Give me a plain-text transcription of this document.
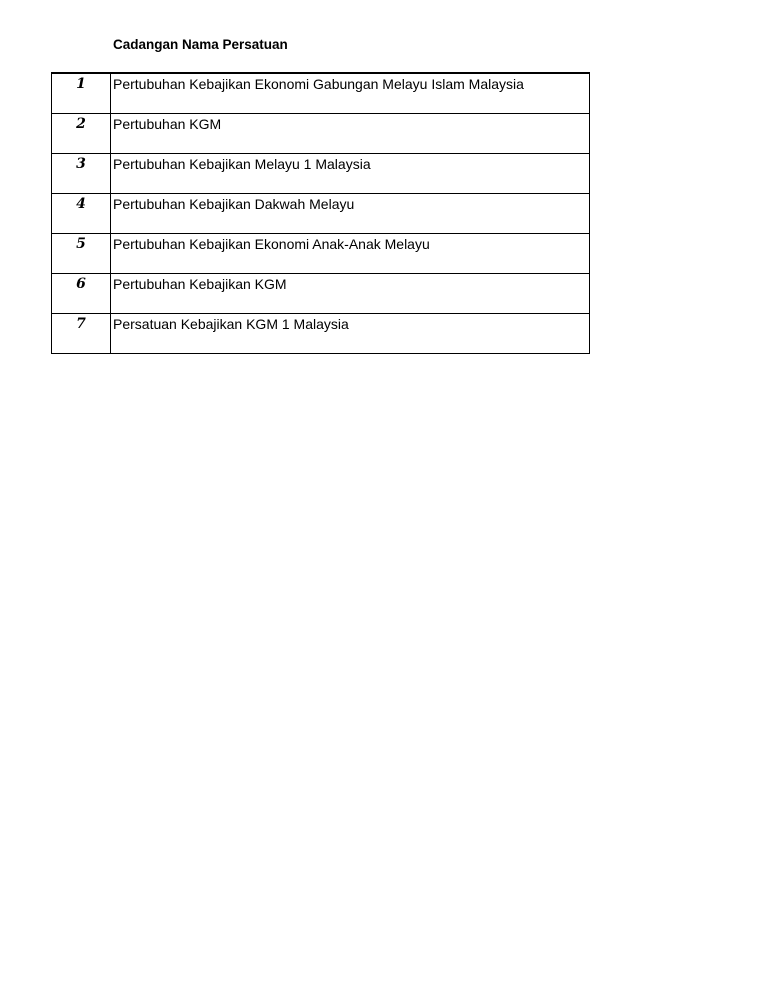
Cadangan Nama Persatuan
1	Pertubuhan Kebajikan Ekonomi Gabungan Melayu Islam Malaysia
2	Pertubuhan KGM
3	Pertubuhan Kebajikan Melayu 1 Malaysia
4	Pertubuhan Kebajikan Dakwah Melayu
5	Pertubuhan Kebajikan Ekonomi Anak-Anak Melayu
6	Pertubuhan Kebajikan KGM
7	Persatuan Kebajikan KGM 1 Malaysia
